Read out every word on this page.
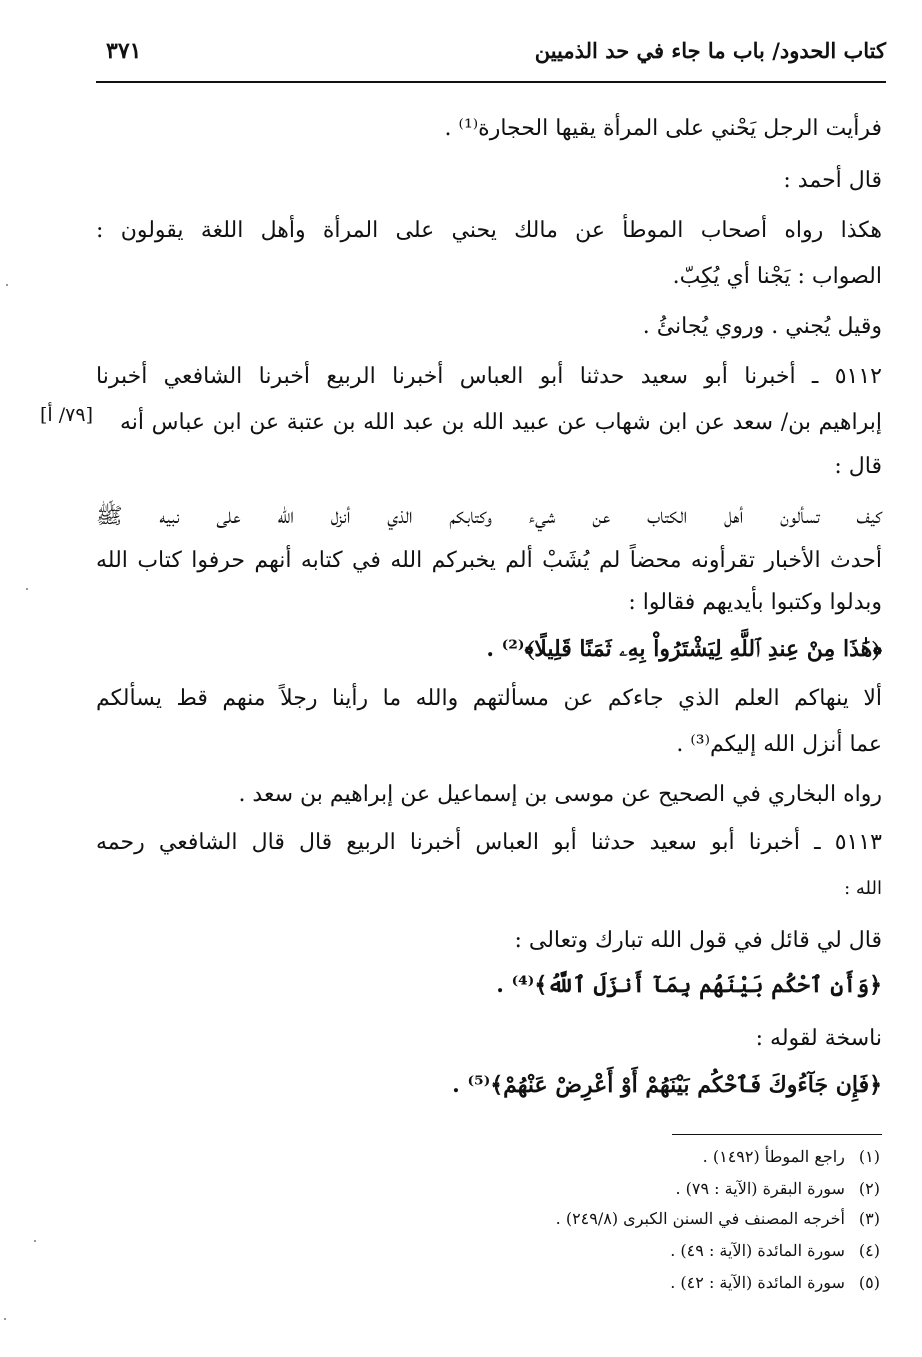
كتاب الحدود/ باب ما جاء في حد الذميين
٣٧١
فرأيت الرجل يَحْني على المرأة يقيها الحجارة⁽¹⁾ .
قال أحمد :
هكذا رواه أصحاب الموطأ عن مالك يحني على المرأة وأهل اللغة يقولون :
الصواب : يَجْنا أي يُكِبّ.
وقيل يُجني . وروي يُجانئُ .
٥١١٢ ـ أخبرنا أبو سعيد حدثنا أبو العباس أخبرنا الربيع أخبرنا الشافعي أخبرنا
إبراهيم بن/ سعد عن ابن شهاب عن عبيد الله بن عبد الله بن عتبة عن ابن عباس أنه
قال :
كيف تسألون أهل الكتاب عن شيء وكتابكم الذي أنزل الله على نبيه ﷺ
أحدث الأخبار تقرأونه محضاً لم يُشَبْ ألم يخبركم الله في كتابه أنهم حرفوا كتاب الله
وبدلوا وكتبوا بأيديهم فقالوا :
﴿هَٰذَا مِنْ عِندِ ٱللَّهِ لِيَشْتَرُواْ بِهِۦ ثَمَنًا قَلِيلًا﴾⁽²⁾ .
ألا ينهاكم العلم الذي جاءكم عن مسألتهم والله ما رأينا رجلاً منهم قط يسألكم
عما أنزل الله إليكم⁽³⁾ .
رواه البخاري في الصحيح عن موسى بن إسماعيل عن إبراهيم بن سعد .
٥١١٣ ـ أخبرنا أبو سعيد حدثنا أبو العباس أخبرنا الربيع قال قال الشافعي رحمه
الله :
قال لي قائل في قول الله تبارك وتعالى :
﴿وَأَنِ ٱحْكُم بَيْنَهُم بِمَآ أَنزَلَ ٱللَّهُ﴾⁽⁴⁾ .
ناسخة لقوله :
﴿فَإِن جَآءُوكَ فَٱحْكُم بَيْنَهُمْ أَوْ أَعْرِضْ عَنْهُمْ﴾⁽⁵⁾ .
[٧٩/ أ]
(١) راجع الموطأ (١٤٩٢) .
(٢) سورة البقرة (الآية : ٧٩) .
(٣) أخرجه المصنف في السنن الكبرى (٢٤٩/٨) .
(٤) سورة المائدة (الآية : ٤٩) .
(٥) سورة المائدة (الآية : ٤٢) .
